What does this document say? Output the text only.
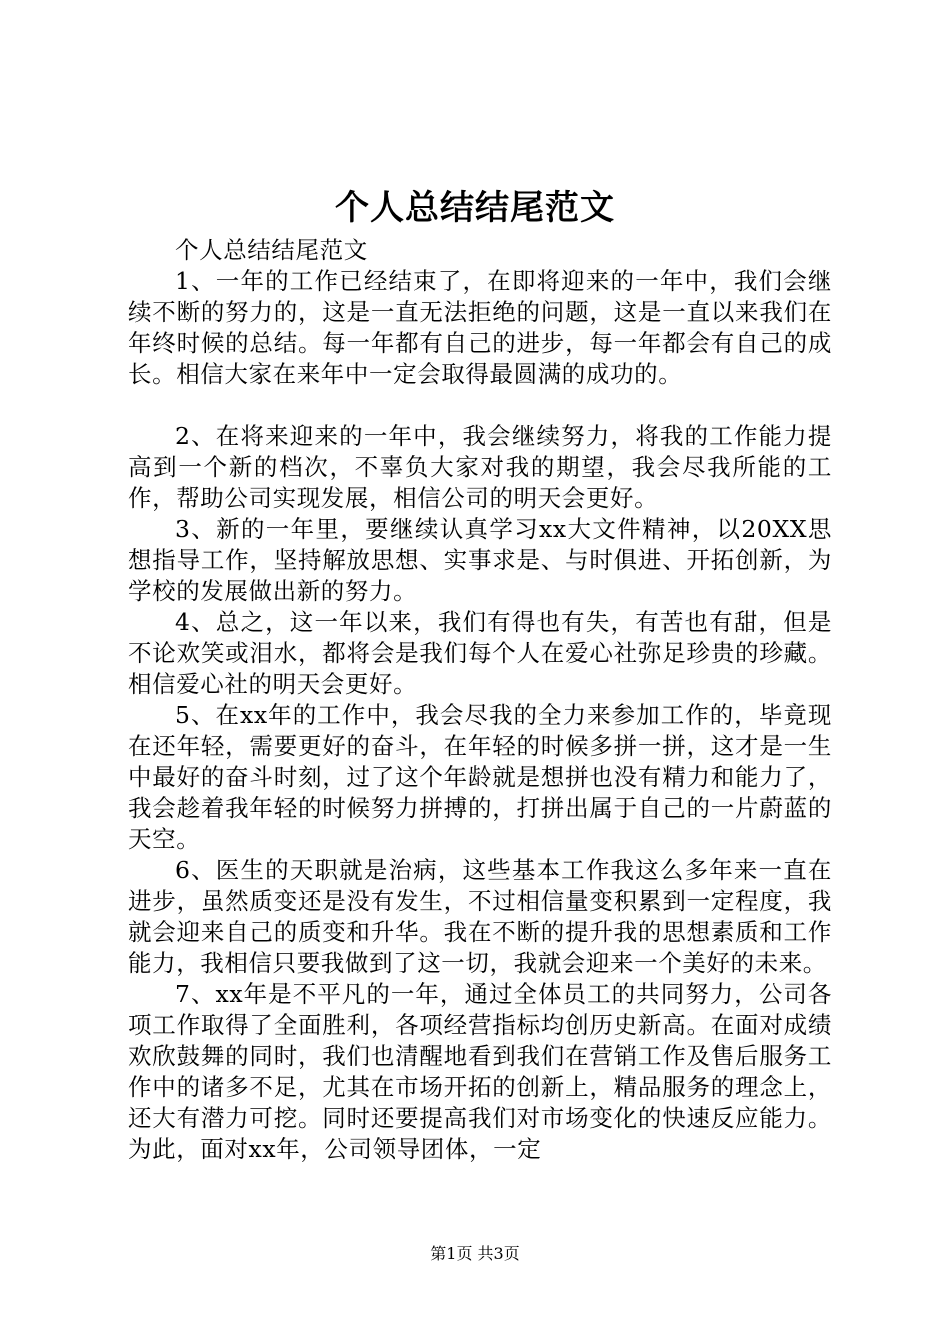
个人总结结尾范文

个人总结结尾范文

1、一年的工作已经结束了，在即将迎来的一年中，我们会继续不断的努力的，这是一直无法拒绝的问题，这是一直以来我们在年终时候的总结。每一年都有自己的进步，每一年都会有自己的成长。相信大家在来年中一定会取得最圆满的成功的。

2、在将来迎来的一年中，我会继续努力，将我的工作能力提高到一个新的档次，不辜负大家对我的期望，我会尽我所能的工作，帮助公司实现发展，相信公司的明天会更好。

3、新的一年里，要继续认真学习xx大文件精神，以20XX思想指导工作，坚持解放思想、实事求是、与时俱进、开拓创新，为学校的发展做出新的努力。

4、总之，这一年以来，我们有得也有失，有苦也有甜，但是不论欢笑或泪水，都将会是我们每个人在爱心社弥足珍贵的珍藏。相信爱心社的明天会更好。

5、在xx年的工作中，我会尽我的全力来参加工作的，毕竟现在还年轻，需要更好的奋斗，在年轻的时候多拼一拼，这才是一生中最好的奋斗时刻，过了这个年龄就是想拼也没有精力和能力了，我会趁着我年轻的时候努力拼搏的，打拼出属于自己的一片蔚蓝的天空。

6、医生的天职就是治病，这些基本工作我这么多年来一直在进步，虽然质变还是没有发生，不过相信量变积累到一定程度，我就会迎来自己的质变和升华。我在不断的提升我的思想素质和工作能力，我相信只要我做到了这一切，我就会迎来一个美好的未来。

7、xx年是不平凡的一年，通过全体员工的共同努力，公司各项工作取得了全面胜利，各项经营指标均创历史新高。在面对成绩欢欣鼓舞的同时，我们也清醒地看到我们在营销工作及售后服务工作中的诸多不足，尤其在市场开拓的创新上，精品服务的理念上，还大有潜力可挖。同时还要提高我们对市场变化的快速反应能力。为此，面对xx年，公司领导团体，一定

第1页 共3页
